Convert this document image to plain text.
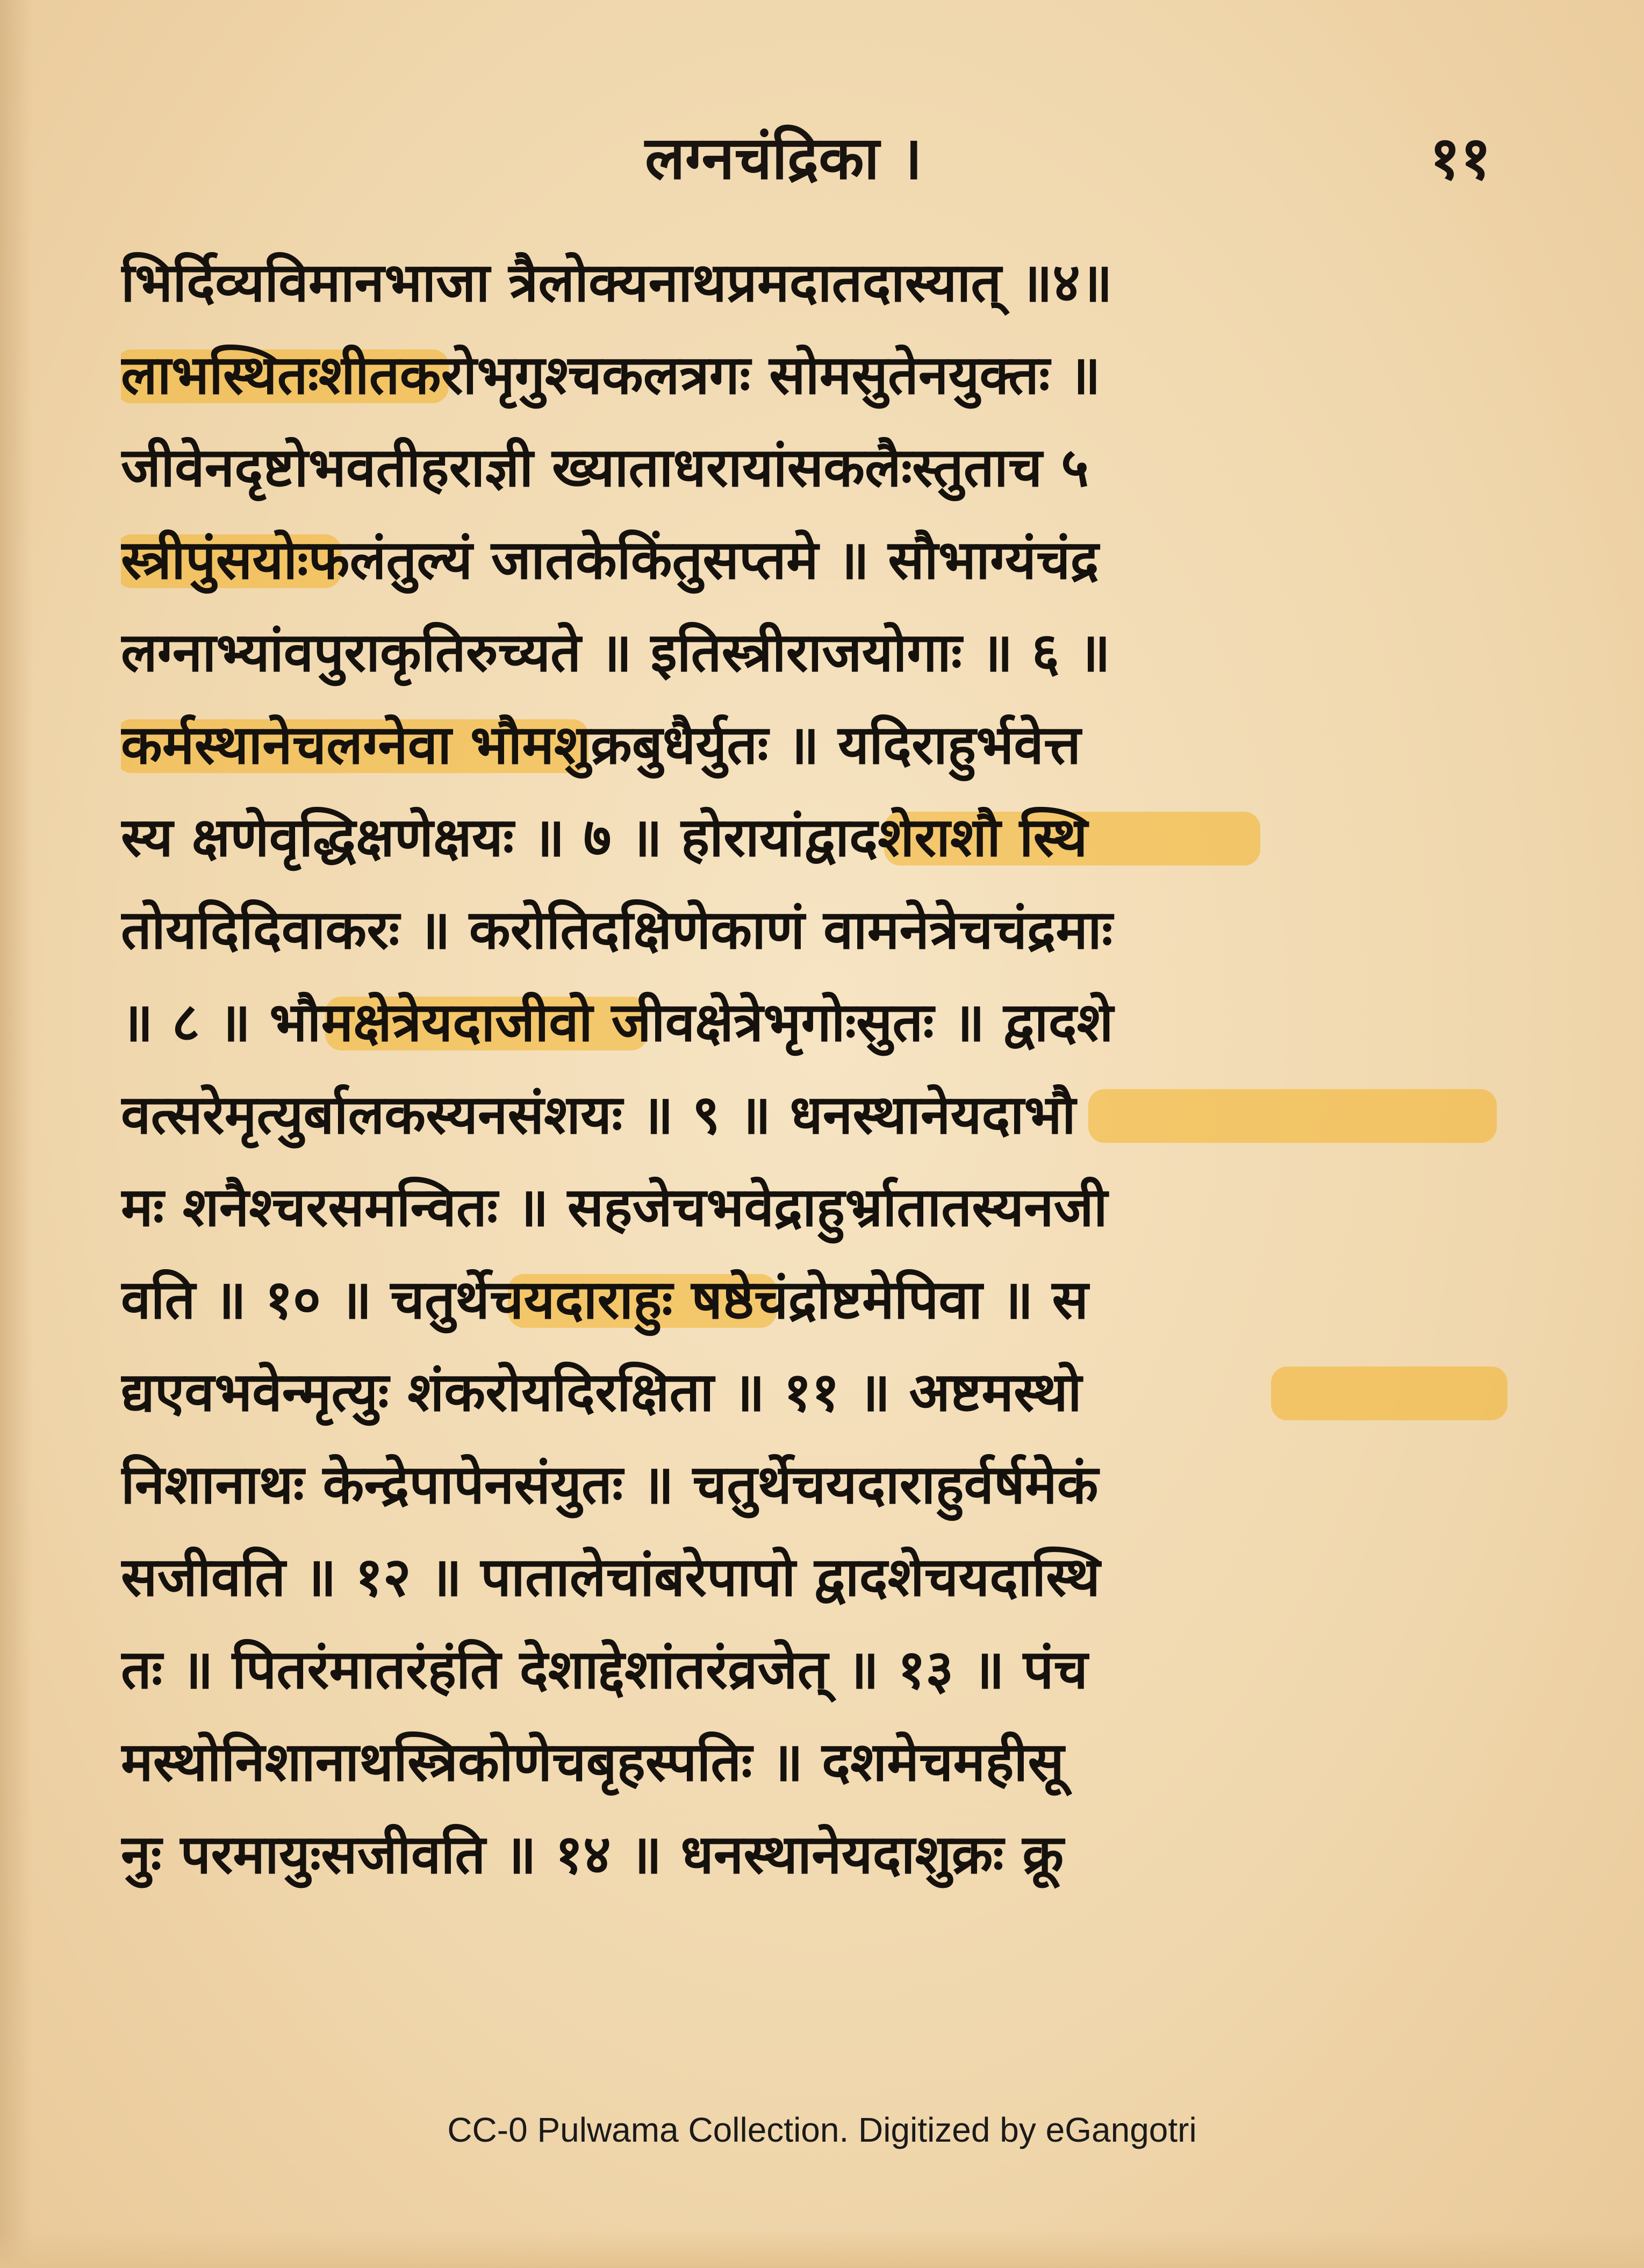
लग्नचंद्रिका ।	११
भिर्दिव्यविमानभाजा त्रैलोक्यनाथप्रमदातदास्यात् ॥४॥
लाभस्थितःशीतकरोभृगुश्चकलत्रगः सोमसुतेनयुक्तः ॥
जीवेनदृष्टोभवतीहराज्ञी ख्याताधरायांसकलैःस्तुताच ५
स्त्रीपुंसयोःफलंतुल्यं जातकेकिंतुसप्तमे ॥ सौभाग्यंचंद्र
लग्नाभ्यांवपुराकृतिरुच्यते ॥ इतिस्त्रीराजयोगाः ॥ ६ ॥
कर्मस्थानेचलग्नेवा भौमशुक्रबुधैर्युतः ॥ यदिराहुर्भवेत्त
स्य क्षणेवृद्धिक्षणेक्षयः ॥ ७ ॥ होरायांद्वादशेराशौ स्थि
तोयदिदिवाकरः ॥ करोतिदक्षिणेकाणं वामनेत्रेचचंद्रमाः
॥ ८ ॥ भौमक्षेत्रेयदाजीवो जीवक्षेत्रेभृगोःसुतः ॥ द्वादशे
वत्सरेमृत्युर्बालकस्यनसंशयः ॥ ९ ॥ धनस्थानेयदाभौ
मः शनैश्चरसमन्वितः ॥ सहजेचभवेद्राहुर्भ्रातातस्यनजी
वति ॥ १० ॥ चतुर्थेचयदाराहुः षष्ठेचंद्रोष्टमेपिवा ॥ स
द्यएवभवेन्मृत्युः शंकरोयदिरक्षिता ॥ ११ ॥ अष्टमस्थो
निशानाथः केन्द्रेपापेनसंयुतः ॥ चतुर्थेचयदाराहुर्वर्षमेकं
सजीवति ॥ १२ ॥ पातालेचांबरेपापो द्वादशेचयदास्थि
तः ॥ पितरंमातरंहंति देशाद्देशांतरंव्रजेत् ॥ १३ ॥ पंच
मस्थोनिशानाथस्त्रिकोणेचबृहस्पतिः ॥ दशमेचमहीसू
नुः परमायुःसजीवति ॥ १४ ॥ धनस्थानेयदाशुक्रः क्रू
CC-0 Pulwama Collection. Digitized by eGangotri
